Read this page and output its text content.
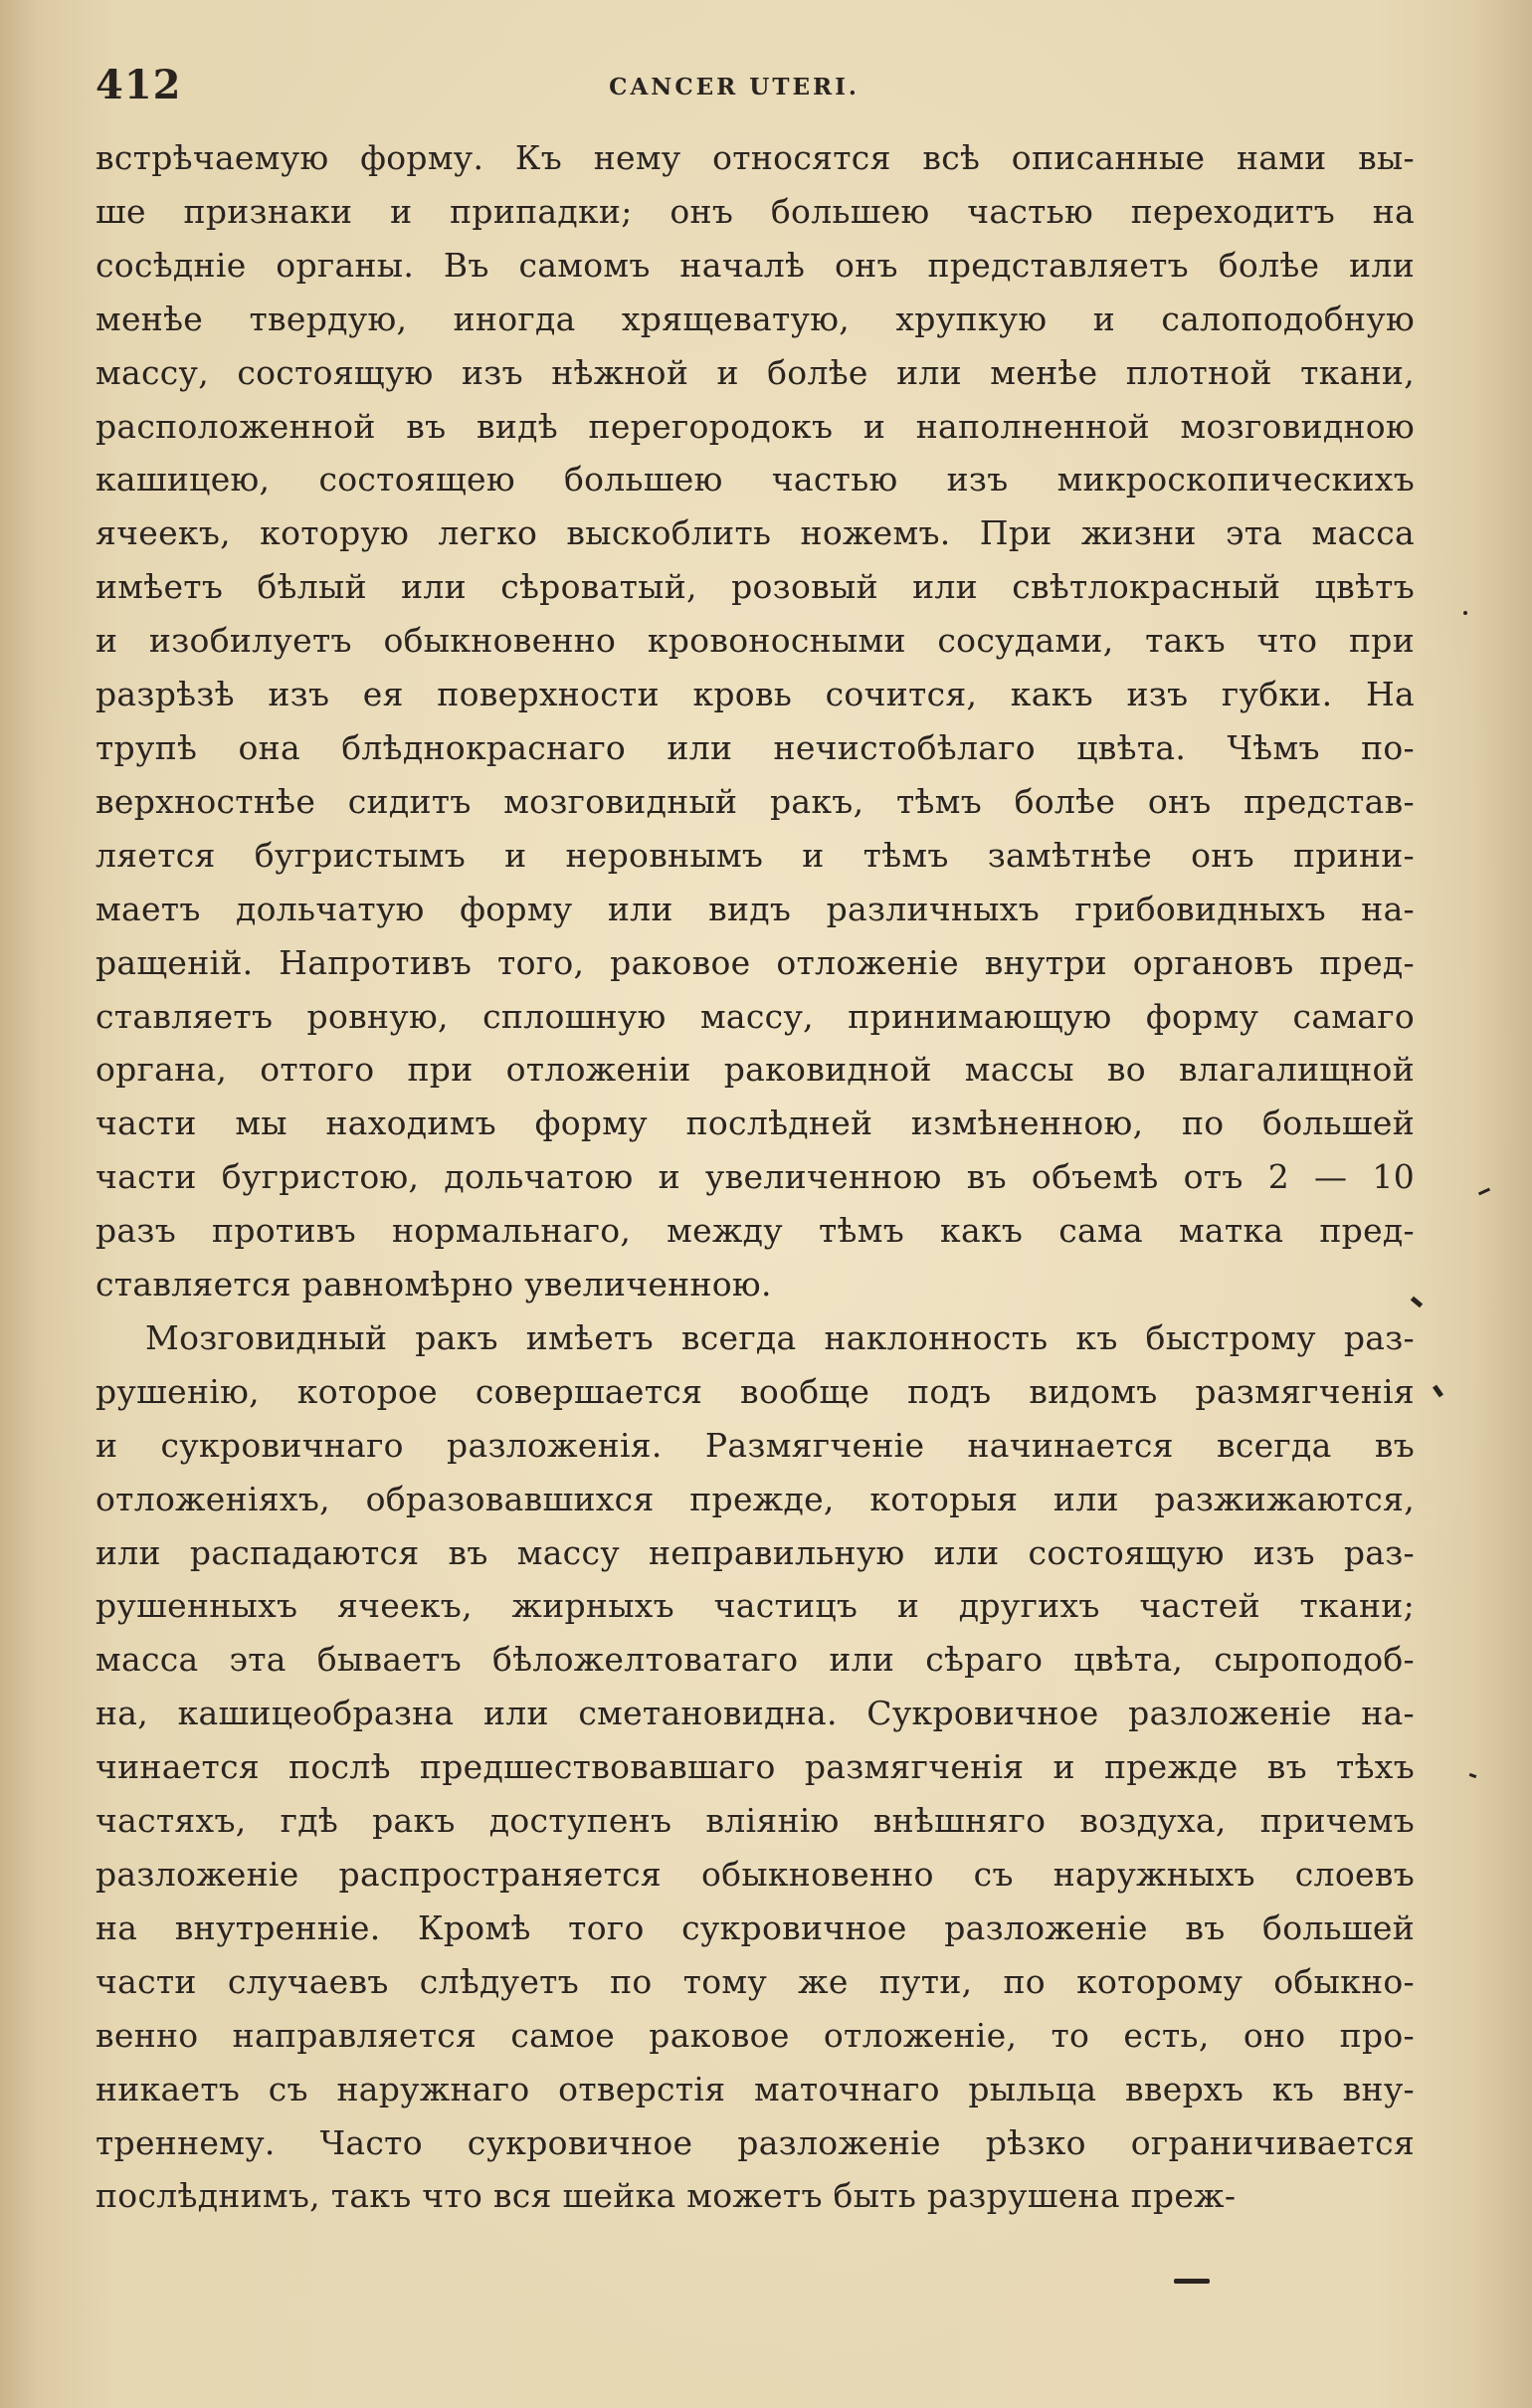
412	CANCER UTERI.
встрѣчаемую форму. Къ нему относятся всѣ описанные нами вы-
ше признаки и припадки; онъ большею частью переходитъ на
сосѣднiе органы. Въ самомъ началѣ онъ представляетъ болѣе или
менѣе твердую, иногда хрящеватую, хрупкую и салоподобную
массу, состоящую изъ нѣжной и болѣе или менѣе плотной ткани,
расположенной въ видѣ перегородокъ и наполненной мозговидною
кашицею, состоящею большею частью изъ микроскопическихъ
ячеекъ, которую легко выскоблить ножемъ. При жизни эта масса
имѣетъ бѣлый или сѣроватый, розовый или свѣтлокрасный цвѣтъ
и изобилуетъ обыкновенно кровоносными сосудами, такъ что при
разрѣзѣ изъ ея поверхности кровь сочится, какъ изъ губки. На
трупѣ она блѣднокраснаго или нечистобѣлаго цвѣта. Чѣмъ по-
верхностнѣе сидитъ мозговидный ракъ, тѣмъ болѣе онъ представ-
ляется бугристымъ и неровнымъ и тѣмъ замѣтнѣе онъ прини-
маетъ дольчатую форму или видъ различныхъ грибовидныхъ на-
ращенiй. Напротивъ того, раковое отложенiе внутри органовъ пред-
ставляетъ ровную, сплошную массу, принимающую форму самаго
органа, оттого при отложенiи раковидной массы во влагалищной
части мы находимъ форму послѣдней измѣненною, по большей
части бугристою, дольчатою и увеличенною въ объемѣ отъ 2 — 10
разъ противъ нормальнаго, между тѣмъ какъ сама матка пред-
ставляется равномѣрно увеличенною.
Мозговидный ракъ имѣетъ всегда наклонность къ быстрому раз-
рушенiю, которое совершается вообще подъ видомъ размягченiя
и сукровичнаго разложенiя. Размягченiе начинается всегда въ
отложенiяхъ, образовавшихся прежде, которыя или разжижаются,
или распадаются въ массу неправильную или состоящую изъ раз-
рушенныхъ ячеекъ, жирныхъ частицъ и другихъ частей ткани;
масса эта бываетъ бѣложелтоватаго или сѣраго цвѣта, сыроподоб-
на, кашицеобразна или сметановидна. Сукровичное разложенiе на-
чинается послѣ предшествовавшаго размягченiя и прежде въ тѣхъ
частяхъ, гдѣ ракъ доступенъ влiянiю внѣшняго воздуха, причемъ
разложенiе распространяется обыкновенно съ наружныхъ слоевъ
на внутреннiе. Кромѣ того сукровичное разложенiе въ большей
части случаевъ слѣдуетъ по тому же пути, по которому обыкно-
венно направляется самое раковое отложенiе, то есть, оно про-
никаетъ съ наружнаго отверстiя маточнаго рыльца вверхъ къ вну-
треннему. Часто сукровичное разложенiе рѣзко ограничивается
послѣднимъ, такъ что вся шейка можетъ быть разрушена преж-
